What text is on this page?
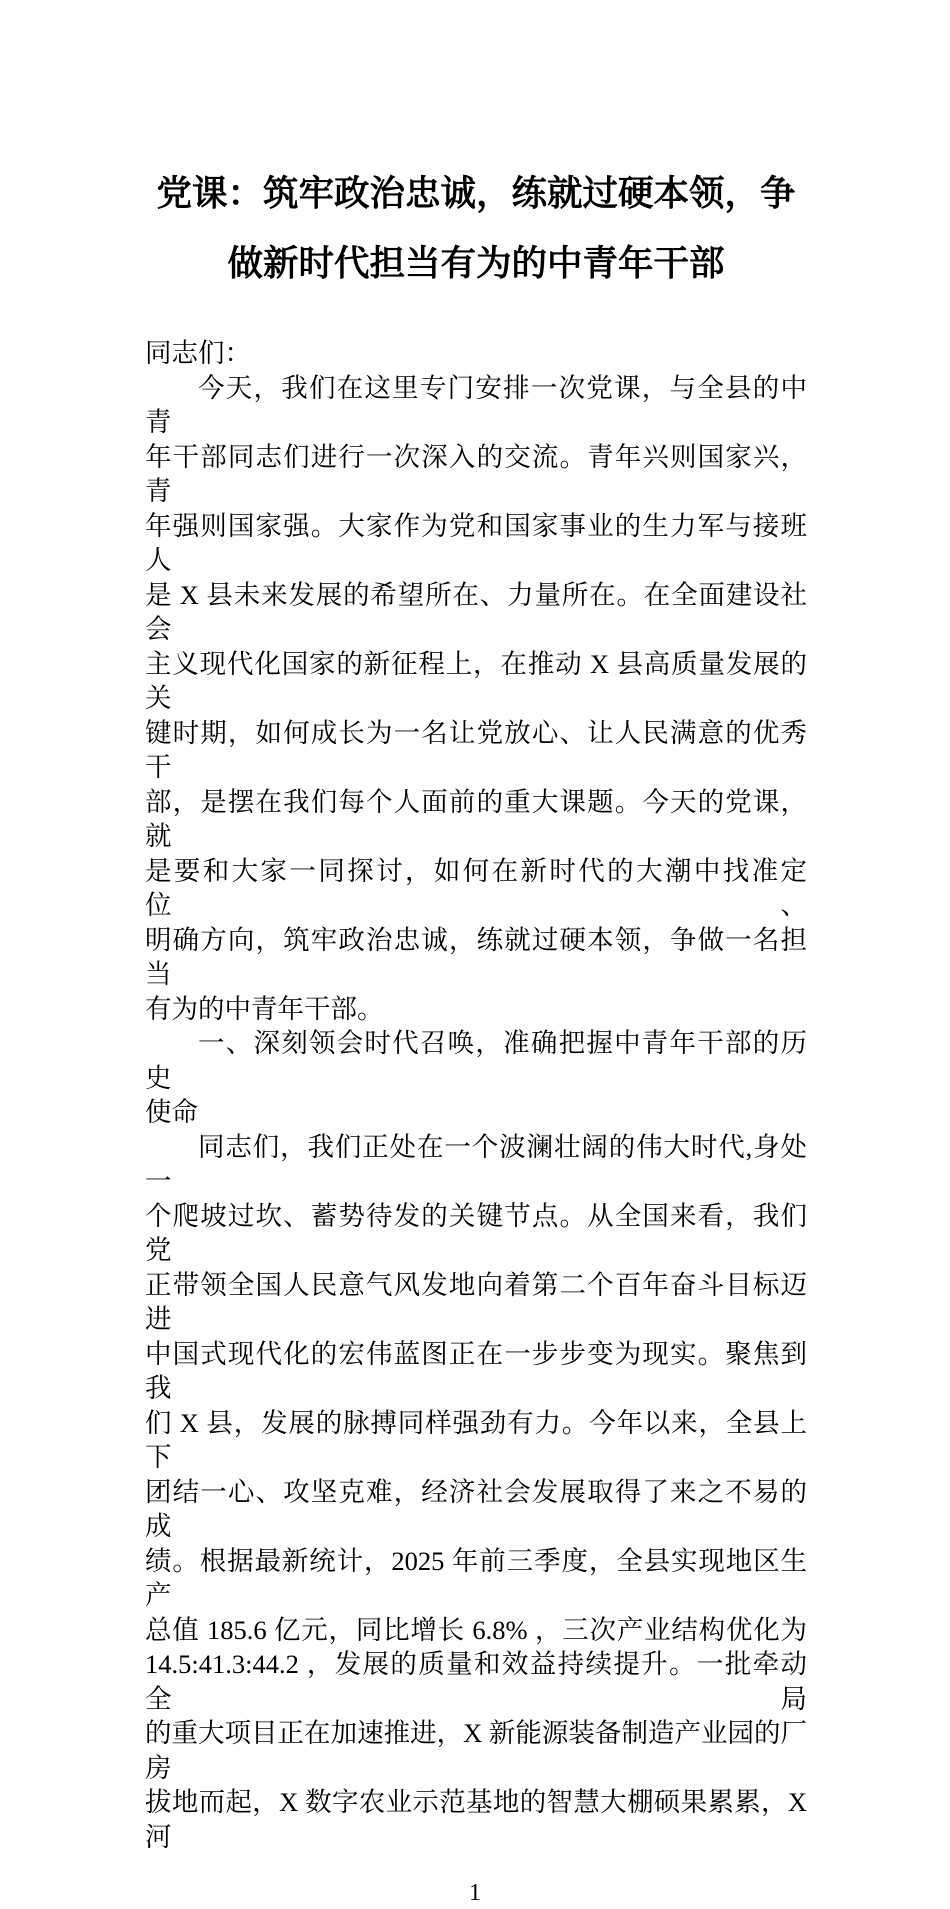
党课：筑牢政治忠诚，练就过硬本领，争
做新时代担当有为的中青年干部
同志们：
今天，我们在这里专门安排一次党课，与全县的中青
年干部同志们进行一次深入的交流。青年兴则国家兴，青
年强则国家强。大家作为党和国家事业的生力军与接班人
是 X 县未来发展的希望所在、力量所在。在全面建设社会
主义现代化国家的新征程上，在推动 X 县高质量发展的关
键时期，如何成长为一名让党放心、让人民满意的优秀干
部，是摆在我们每个人面前的重大课题。今天的党课，就
是要和大家一同探讨，如何在新时代的大潮中找准定位、
明确方向，筑牢政治忠诚，练就过硬本领，争做一名担当
有为的中青年干部。
一、深刻领会时代召唤，准确把握中青年干部的历史
使命
同志们，我们正处在一个波澜壮阔的伟大时代,身处一
个爬坡过坎、蓄势待发的关键节点。从全国来看，我们党
正带领全国人民意气风发地向着第二个百年奋斗目标迈进
中国式现代化的宏伟蓝图正在一步步变为现实。聚焦到我
们 X 县，发展的脉搏同样强劲有力。今年以来，全县上下
团结一心、攻坚克难，经济社会发展取得了来之不易的成
绩。根据最新统计，2025 年前三季度，全县实现地区生产
总值 185.6 亿元，同比增长 6.8% ，三次产业结构优化为
14.5:41.3:44.2 ，发展的质量和效益持续提升。一批牵动全局
的重大项目正在加速推进，X 新能源装备制造产业园的厂房
拔地而起，X 数字农业示范基地的智慧大棚硕果累累，X 河
1
